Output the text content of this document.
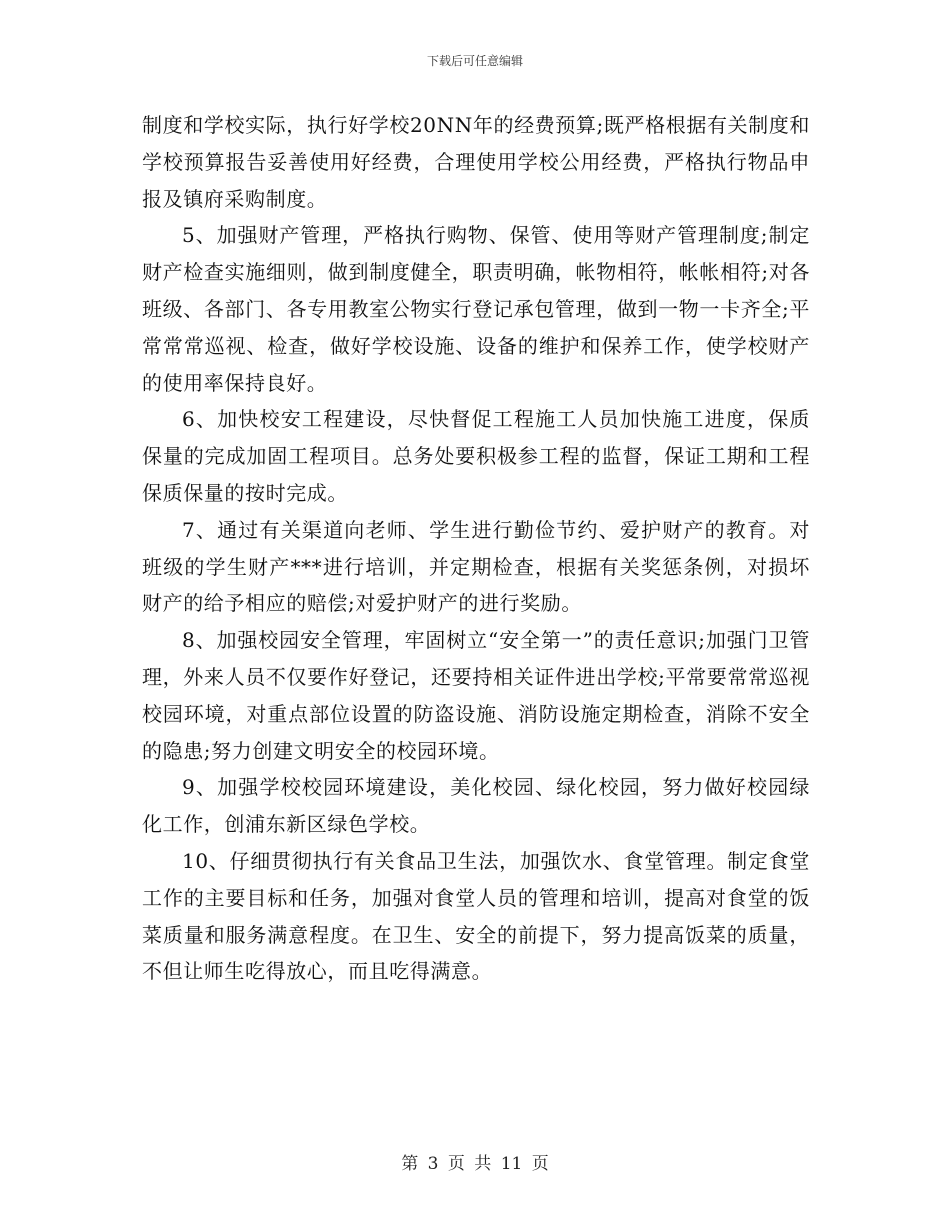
下载后可任意编辑

制度和学校实际，执行好学校20NN年的经费预算;既严格根据有关制度和学校预算报告妥善使用好经费，合理使用学校公用经费，严格执行物品申报及镇府采购制度。

5、加强财产管理，严格执行购物、保管、使用等财产管理制度;制定财产检查实施细则，做到制度健全，职责明确，帐物相符，帐帐相符;对各班级、各部门、各专用教室公物实行登记承包管理，做到一物一卡齐全;平常常常巡视、检查，做好学校设施、设备的维护和保养工作，使学校财产的使用率保持良好。

6、加快校安工程建设，尽快督促工程施工人员加快施工进度，保质保量的完成加固工程项目。总务处要积极参工程的监督，保证工期和工程保质保量的按时完成。

7、通过有关渠道向老师、学生进行勤俭节约、爱护财产的教育。对班级的学生财产***进行培训，并定期检查，根据有关奖惩条例，对损坏财产的给予相应的赔偿;对爱护财产的进行奖励。

8、加强校园安全管理，牢固树立“安全第一”的责任意识;加强门卫管理，外来人员不仅要作好登记，还要持相关证件进出学校;平常要常常巡视校园环境，对重点部位设置的防盗设施、消防设施定期检查，消除不安全的隐患;努力创建文明安全的校园环境。

9、加强学校校园环境建设，美化校园、绿化校园，努力做好校园绿化工作，创浦东新区绿色学校。

10、仔细贯彻执行有关食品卫生法，加强饮水、食堂管理。制定食堂工作的主要目标和任务，加强对食堂人员的管理和培训，提高对食堂的饭菜质量和服务满意程度。在卫生、安全的前提下，努力提高饭菜的质量，不但让师生吃得放心，而且吃得满意。

第 3 页 共 11 页
